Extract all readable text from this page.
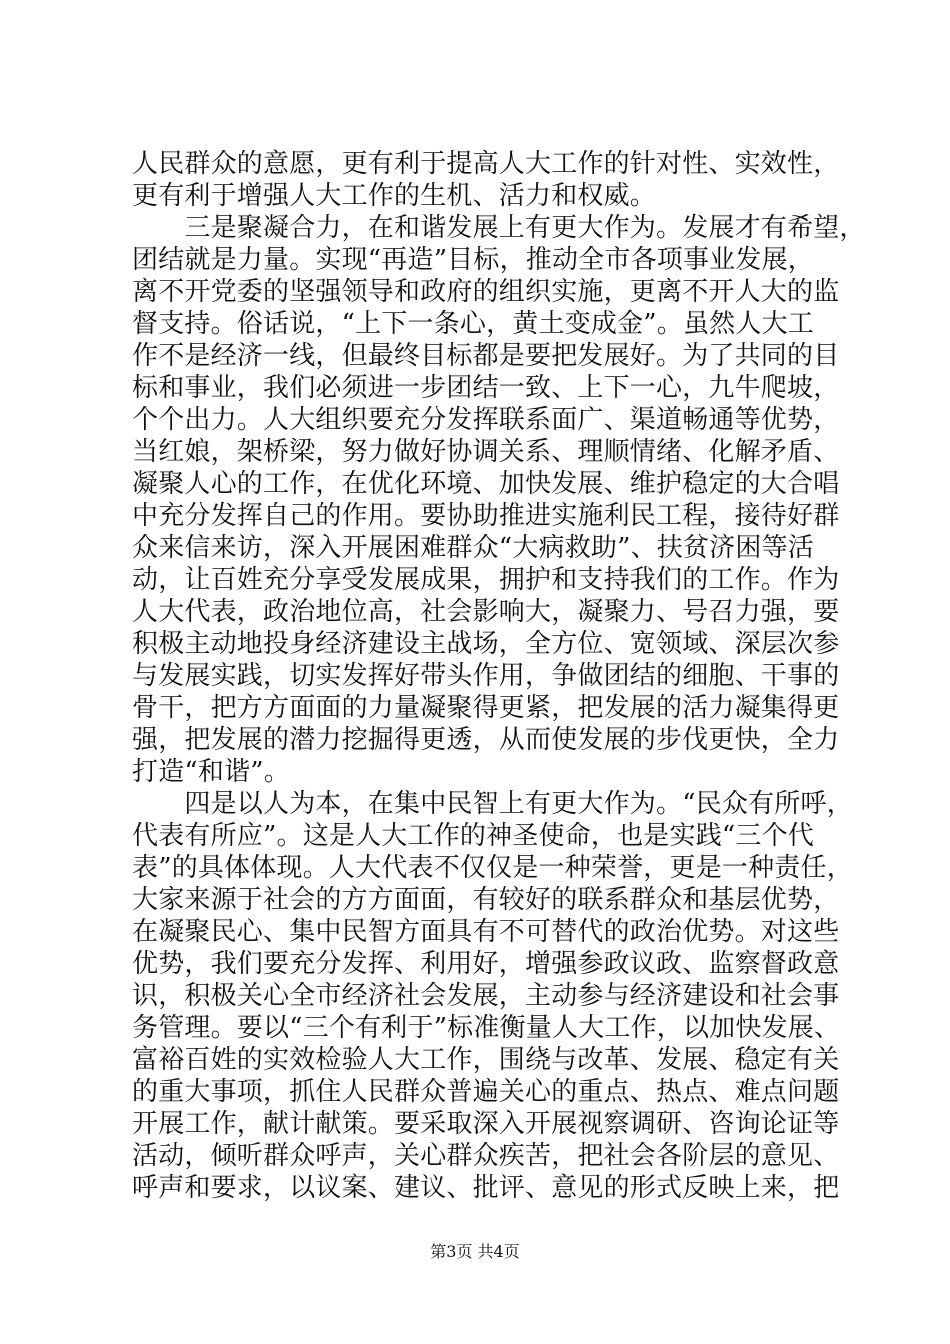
人民群众的意愿，更有利于提高人大工作的针对性、实效性，
更有利于增强人大工作的生机、活力和权威。
　　三是聚凝合力，在和谐发展上有更大作为。发展才有希望，
团结就是力量。实现“再造”目标，推动全市各项事业发展，
离不开党委的坚强领导和政府的组织实施，更离不开人大的监
督支持。俗话说，“上下一条心，黄土变成金”。虽然人大工
作不是经济一线，但最终目标都是要把发展好。为了共同的目
标和事业，我们必须进一步团结一致、上下一心，九牛爬坡，
个个出力。人大组织要充分发挥联系面广、渠道畅通等优势，
当红娘，架桥梁，努力做好协调关系、理顺情绪、化解矛盾、
凝聚人心的工作，在优化环境、加快发展、维护稳定的大合唱
中充分发挥自己的作用。要协助推进实施利民工程，接待好群
众来信来访，深入开展困难群众“大病救助”、扶贫济困等活
动，让百姓充分享受发展成果，拥护和支持我们的工作。作为
人大代表，政治地位高，社会影响大，凝聚力、号召力强，要
积极主动地投身经济建设主战场，全方位、宽领域、深层次参
与发展实践，切实发挥好带头作用，争做团结的细胞、干事的
骨干，把方方面面的力量凝聚得更紧，把发展的活力凝集得更
强，把发展的潜力挖掘得更透，从而使发展的步伐更快，全力
打造“和谐”。
　　四是以人为本，在集中民智上有更大作为。“民众有所呼，
代表有所应”。这是人大工作的神圣使命，也是实践“三个代
表”的具体体现。人大代表不仅仅是一种荣誉，更是一种责任，
大家来源于社会的方方面面，有较好的联系群众和基层优势，
在凝聚民心、集中民智方面具有不可替代的政治优势。对这些
优势，我们要充分发挥、利用好，增强参政议政、监察督政意
识，积极关心全市经济社会发展，主动参与经济建设和社会事
务管理。要以“三个有利于”标准衡量人大工作，以加快发展、
富裕百姓的实效检验人大工作，围绕与改革、发展、稳定有关
的重大事项，抓住人民群众普遍关心的重点、热点、难点问题
开展工作，献计献策。要采取深入开展视察调研、咨询论证等
活动，倾听群众呼声，关心群众疾苦，把社会各阶层的意见、
呼声和要求，以议案、建议、批评、意见的形式反映上来，把
第3页 共4页
